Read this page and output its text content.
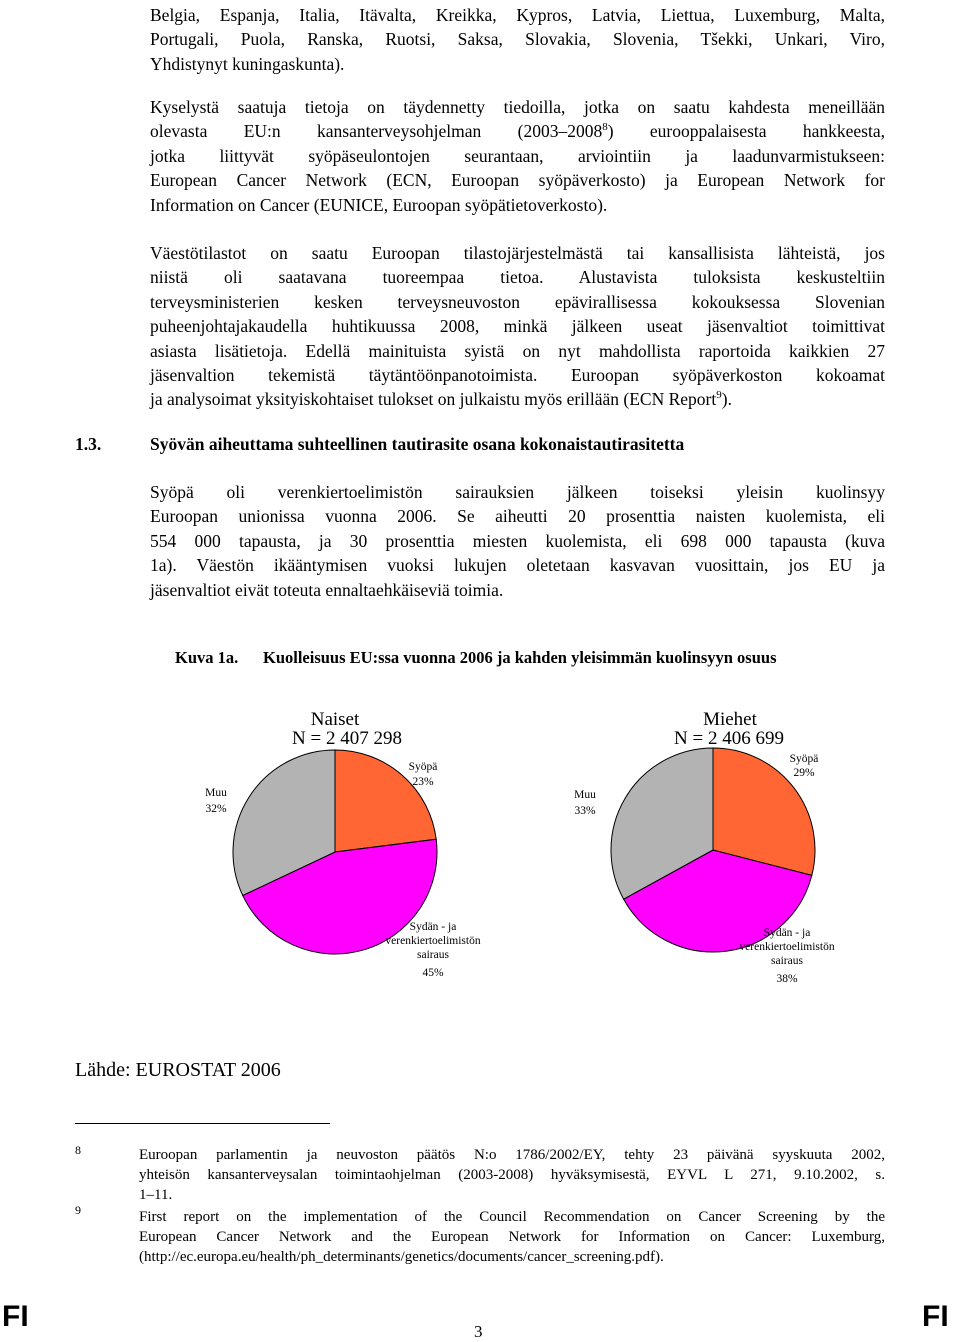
Belgia, Espanja, Italia, Itävalta, Kreikka, Kypros, Latvia, Liettua, Luxemburg, Malta,
Portugali, Puola, Ranska, Ruotsi, Saksa, Slovakia, Slovenia, Tšekki, Unkari, Viro,
Yhdistynyt kuningaskunta).
Kyselystä saatuja tietoja on täydennetty tiedoilla, jotka on saatu kahdesta meneillään
olevasta EU:n kansanterveysohjelman (2003–2008$^8$) eurooppalaisesta hankkeesta,
jotka liittyvät syöpäseulontojen seurantaan, arviointiin ja laadunvarmistukseen:
European Cancer Network (ECN, Euroopan syöpäverkosto) ja European Network for
Information on Cancer (EUNICE, Euroopan syöpätietoverkosto).
Väestötilastot on saatu Euroopan tilastojärjestelmästä tai kansallisista lähteistä, jos
niistä oli saatavana tuoreempaa tietoa. Alustavista tuloksista keskusteltiin
terveysministerien kesken terveysneuvoston epävirallisessa kokouksessa Slovenian
puheenjohtajakaudella huhtikuussa 2008, minkä jälkeen useat jäsenvaltiot toimittivat
asiasta lisätietoja. Edellä mainituista syistä on nyt mahdollista raportoida kaikkien 27
jäsenvaltion tekemistä täytäntöönpanotoimista. Euroopan syöpäverkoston kokoamat
ja analysoimat yksityiskohtaiset tulokset on julkaistu myös erillään (ECN Report$^9$).
1.3.	Syövän aiheuttama suhteellinen tautirasite osana kokonaistautirasitetta
Syöpä oli verenkiertoelimistön sairauksien jälkeen toiseksi yleisin kuolinsyy
Euroopan unionissa vuonna 2006. Se aiheutti 20 prosenttia naisten kuolemista, eli
554 000 tapausta, ja 30 prosenttia miesten kuolemista, eli 698 000 tapausta (kuva
1a). Väestön ikääntymisen vuoksi lukujen oletetaan kasvavan vuosittain, jos EU ja
jäsenvaltiot eivät toteuta ennaltaehkäiseviä toimia.
Kuva 1a. Kuolleisuus EU:ssa vuonna 2006 ja kahden yleisimmän kuolinsyyn osuus
Syöpä
23%
Sydän - ja verenkiertoelimistön sairaus
45%
Muu
32%
Naiset
N = 2 407 298
Syöpä
29%
Sydän - ja verenkiertoelimistön sairaus
38%
Muu
33%
Miehet
N = 2 406 699
Lähde: EUROSTAT 2006
8	Euroopan parlamentin ja neuvoston päätös N:o 1786/2002/EY, tehty 23 päivänä syyskuuta 2002,
yhteisön kansanterveysalan toimintaohjelman (2003-2008) hyväksymisestä, EYVL L 271, 9.10.2002, s.
1–11.
9	First report on the implementation of the Council Recommendation on Cancer Screening by the
European Cancer Network and the European Network for Information on Cancer: Luxemburg,
(http://ec.europa.eu/health/ph_determinants/genetics/documents/cancer_screening.pdf).
FI	3	FI
